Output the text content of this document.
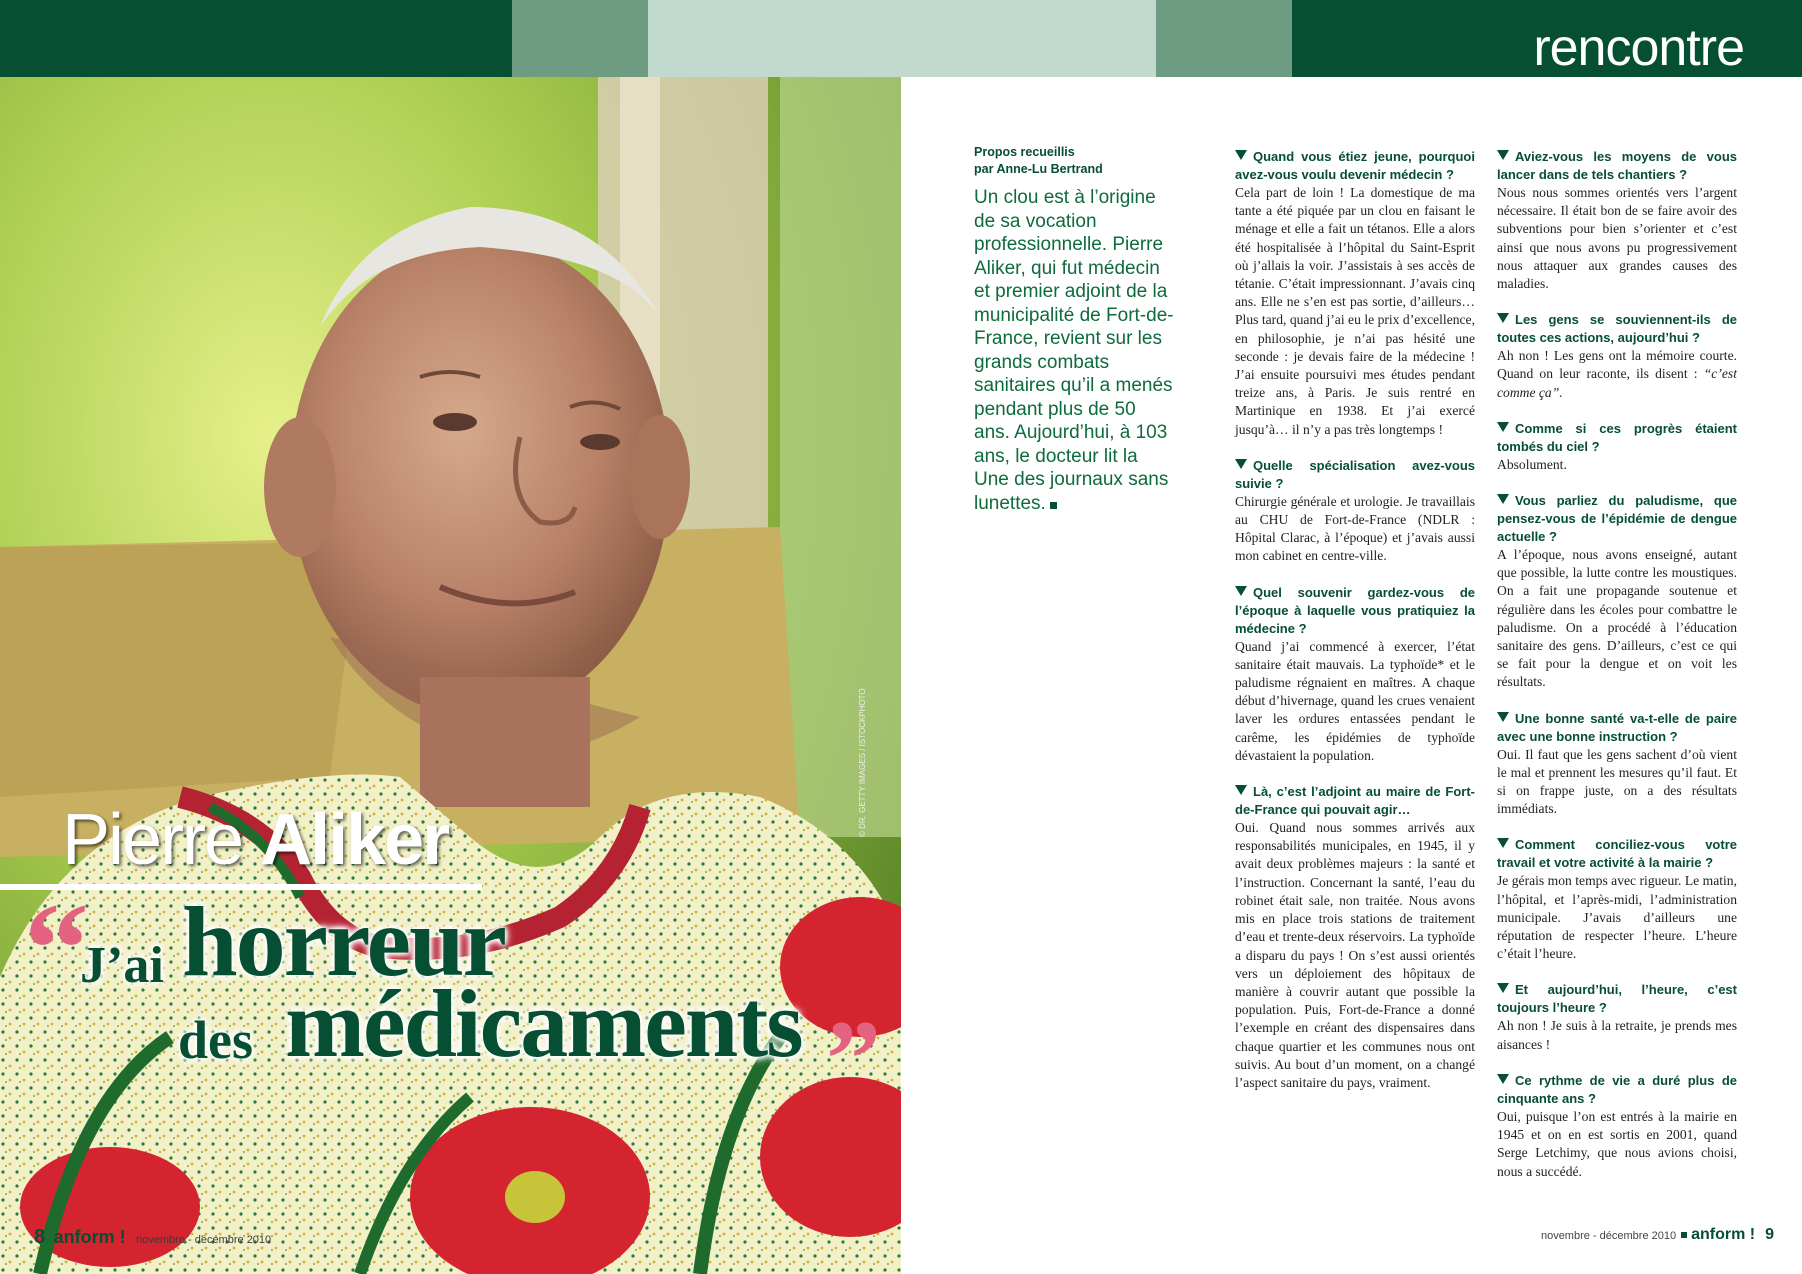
rencontre
© DR. GETTY IMAGES / ISTOCKPHOTO
Pierre Aliker
“
J’ai horreur
des médicaments ”
8 anform ! novembre - décembre 2010
Propos recueillis
par Anne-Lu Bertrand
Un clou est à l’origine de sa vocation professionnelle. Pierre Aliker, qui fut médecin et premier adjoint de la municipalité de Fort-de-France, revient sur les grands combats sanitaires qu’il a menés pendant plus de 50 ans. Aujourd’hui, à 103 ans, le docteur lit la Une des journaux sans lunettes.
Quand vous étiez jeune, pourquoi avez-vous voulu devenir médecin ?
Cela part de loin ! La domestique de ma tante a été piquée par un clou en faisant le ménage et elle a fait un tétanos. Elle a alors été hospitalisée à l’hôpital du Saint-Esprit où j’allais la voir. J’assistais à ses accès de tétanie. C’était impressionnant. J’avais cinq ans. Elle ne s’en est pas sortie, d’ailleurs…Plus tard, quand j’ai eu le prix d’excellence, en philosophie, je n’ai pas hésité une seconde : je devais faire de la médecine ! J’ai ensuite poursuivi mes études pendant treize ans, à Paris. Je suis rentré en Martinique en 1938. Et j’ai exercé jusqu’à… il n’y a pas très longtemps !
Quelle spécialisation avez-vous suivie ?
Chirurgie générale et urologie. Je travaillais au CHU de Fort-de-France (NDLR : Hôpital Clarac, à l’époque) et j’avais aussi mon cabinet en centre-ville.
Quel souvenir gardez-vous de l’époque à laquelle vous pratiquiez la médecine ?
Quand j’ai commencé à exercer, l’état sanitaire était mauvais. La typhoïde* et le paludisme régnaient en maîtres. A chaque début d’hivernage, quand les crues venaient laver les ordures entassées pendant le carême, les épidémies de typhoïde dévastaient la population.
Là, c’est l’adjoint au maire de Fort-de-France qui pouvait agir…
Oui. Quand nous sommes arrivés aux responsabilités municipales, en 1945, il y avait deux problèmes majeurs : la santé et l’instruction. Concernant la santé, l’eau du robinet était sale, non traitée. Nous avons mis en place trois stations de traitement d’eau et trente-deux réservoirs. La typhoïde a disparu du pays ! On s’est aussi orientés vers un déploiement des hôpitaux de manière à couvrir autant que possible la population. Puis, Fort-de-France a donné l’exemple en créant des dispensaires dans chaque quartier et les communes nous ont suivis. Au bout d’un moment, on a changé l’aspect sanitaire du pays, vraiment.
Aviez-vous les moyens de vous lancer dans de tels chantiers ?
Nous nous sommes orientés vers l’argent nécessaire. Il était bon de se faire avoir des subventions pour bien s’orienter et c’est ainsi que nous avons pu progressivement nous attaquer aux grandes causes des maladies.
Les gens se souviennent-ils de toutes ces actions, aujourd’hui ?
Ah non ! Les gens ont la mémoire courte. Quand on leur raconte, ils disent : “c’est comme ça”.
Comme si ces progrès étaient tombés du ciel ?
Absolument.
Vous parliez du paludisme, que pensez-vous de l’épidémie de dengue actuelle ?
A l’époque, nous avons enseigné, autant que possible, la lutte contre les moustiques. On a fait une propagande soutenue et régulière dans les écoles pour combattre le paludisme. On a procédé à l’éducation sanitaire des gens. D’ailleurs, c’est ce qui se fait pour la dengue et on voit les résultats.
Une bonne santé va-t-elle de paire avec une bonne instruction ?
Oui. Il faut que les gens sachent d’où vient le mal et prennent les mesures qu’il faut. Et si on frappe juste, on a des résultats immédiats.
Comment conciliez-vous votre travail et votre activité à la mairie ?
Je gérais mon temps avec rigueur. Le matin, l’hôpital, et l’après-midi, l’administration municipale. J’avais d’ailleurs une réputation de respecter l’heure. L’heure c’était l’heure.
Et aujourd’hui, l’heure, c’est toujours l’heure ?
Ah non ! Je suis à la retraite, je prends mes aisances !
Ce rythme de vie a duré plus de cinquante ans ?
Oui, puisque l’on est entrés à la mairie en 1945 et on en est sortis en 2001, quand Serge Letchimy, que nous avions choisi, nous a succédé.
novembre - décembre 2010 anform ! 9
